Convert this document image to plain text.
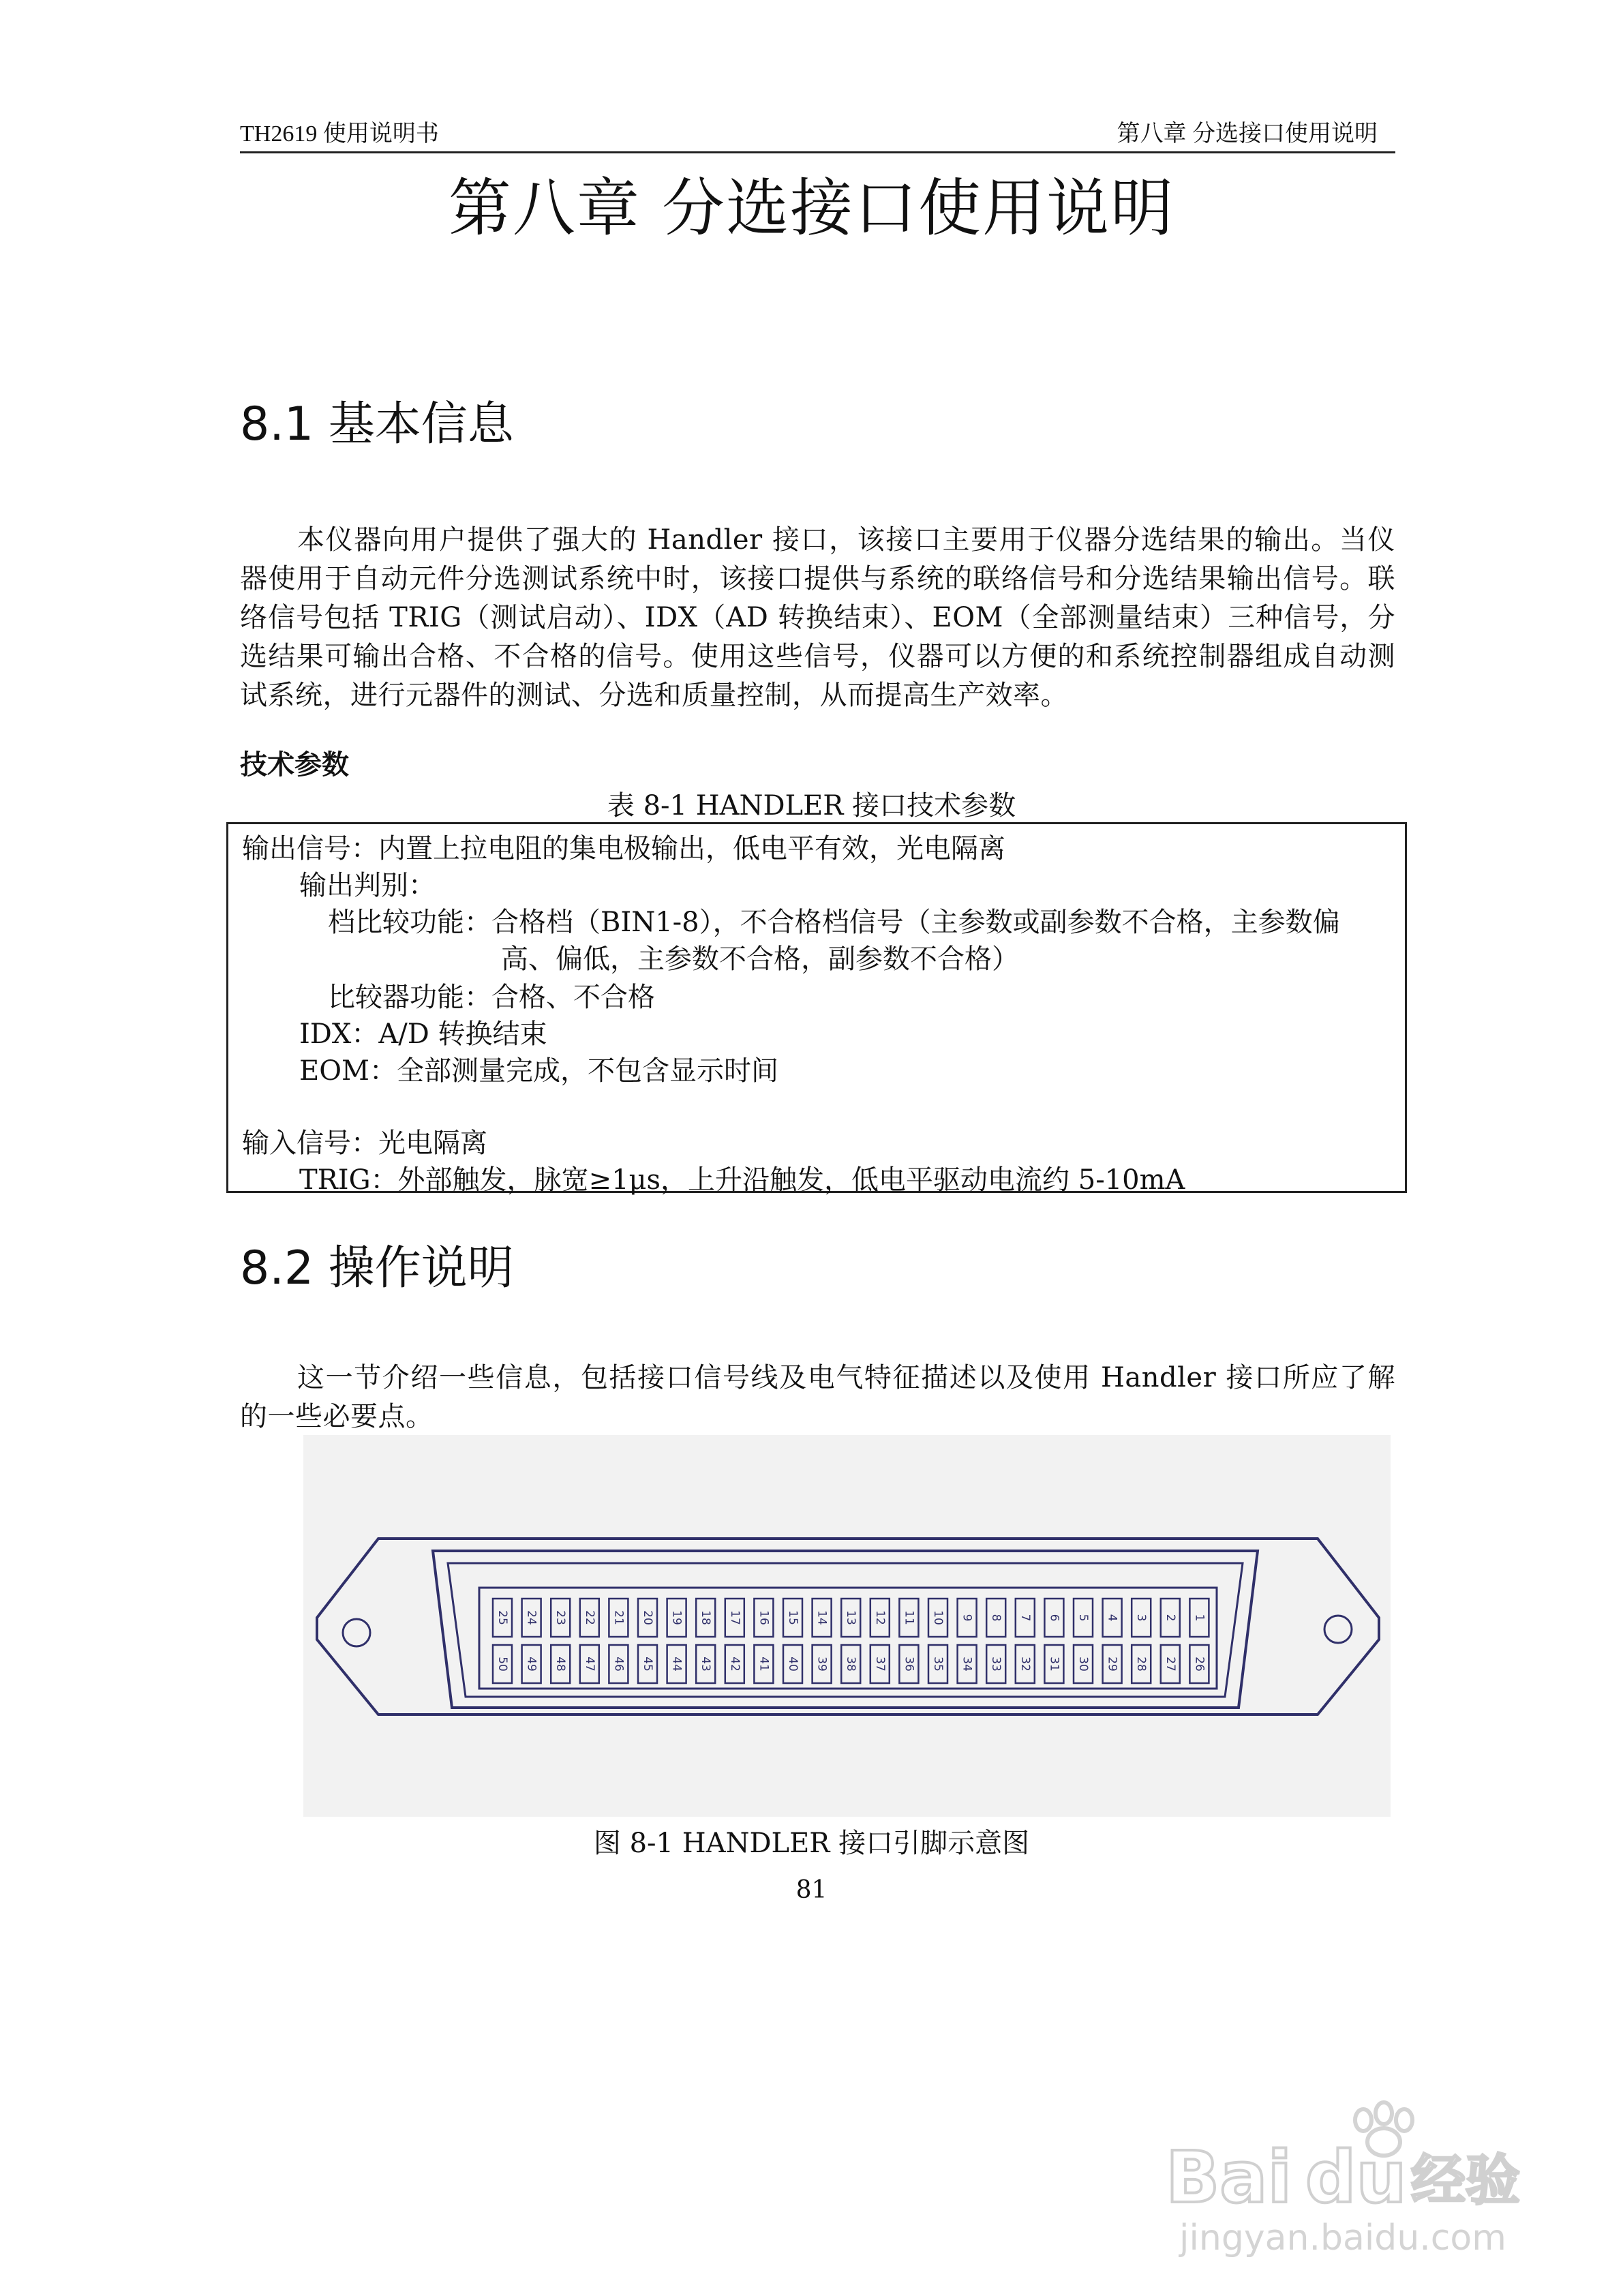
TH2619 使用说明书	第八章 分选接口使用说明
第八章 分选接口使用说明
8.1 基本信息

本仪器向用户提供了强大的 Handler 接口，该接口主要用于仪器分选结果的输出。当仪器使用于自动元件分选测试系统中时，该接口提供与系统的联络信号和分选结果输出信号。联络信号包括 TRIG（测试启动）、IDX（AD 转换结束）、EOM（全部测量结束）三种信号，分选结果可输出合格、不合格的信号。使用这些信号，仪器可以方便的和系统控制器组成自动测试系统，进行元器件的测试、分选和质量控制，从而提高生产效率。

技术参数
表 8-1 HANDLER 接口技术参数
输出信号：内置上拉电阻的集电极输出，低电平有效，光电隔离
输出判别：
档比较功能：合格档（BIN1-8），不合格档信号（主参数或副参数不合格，主参数偏
高、偏低，主参数不合格，副参数不合格）
比较器功能：合格、不合格
IDX：A/D 转换结束
EOM：全部测量完成，不包含显示时间
输入信号：光电隔离
TRIG：外部触发，脉宽≥1μs，上升沿触发，低电平驱动电流约 5-10mA
8.2 操作说明

这一节介绍一些信息，包括接口信号线及电气特征描述以及使用 Handler 接口所应了解的一些必要点。

25 24 23 22 21 20 19 18 17 16 15 14 13 12 11 10 9 8 7 6 5 4 3 2 1
50 49 48 47 46 45 44 43 42 41 40 39 38 37 36 35 34 33 32 31 30 29 28 27 26
图 8-1 HANDLER 接口引脚示意图
81
Bai du 经验
jingyan.baidu.com
